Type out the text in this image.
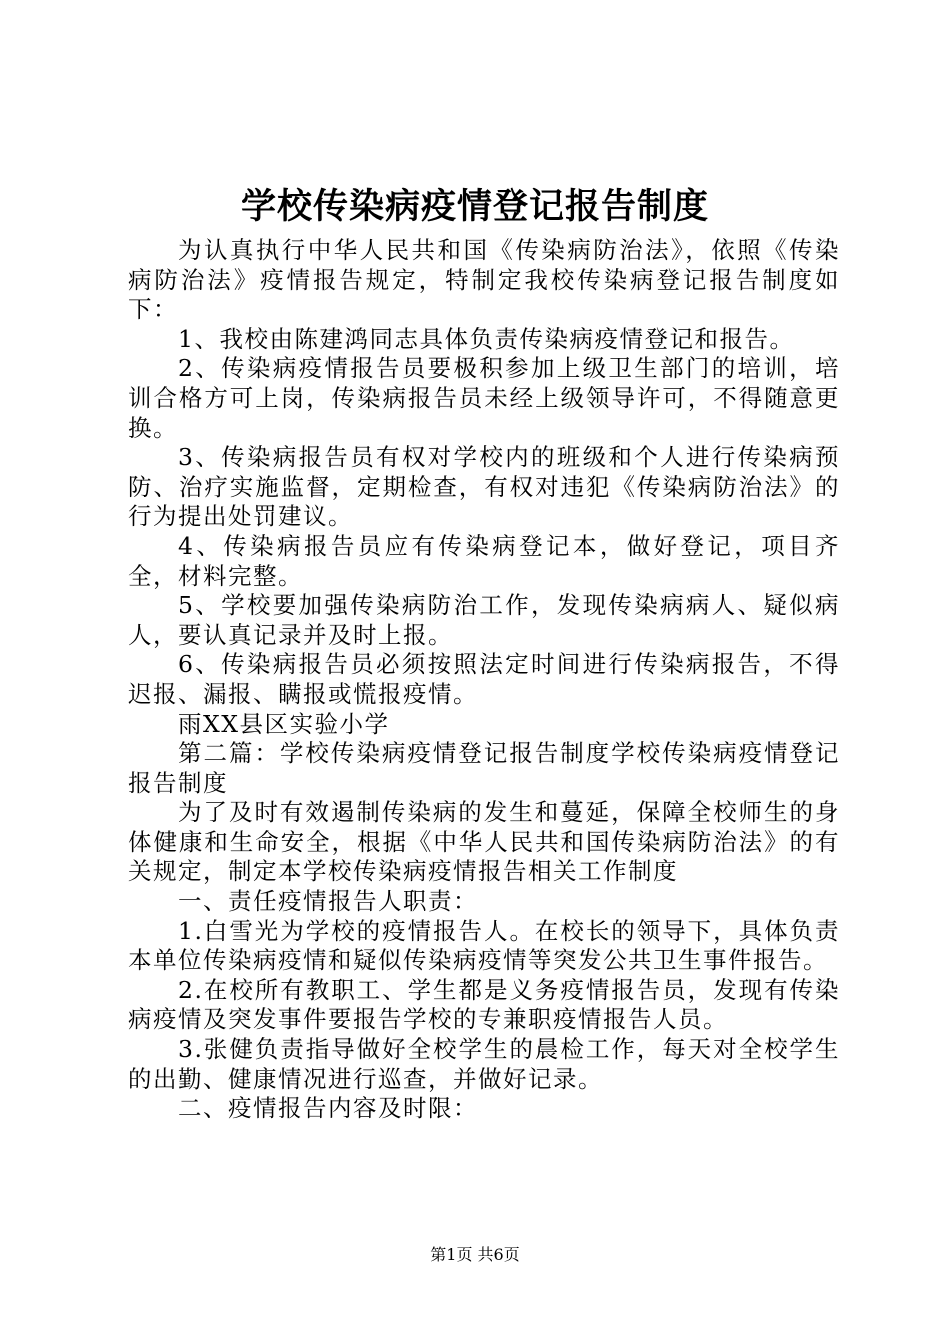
学校传染病疫情登记报告制度

为认真执行中华人民共和国《传染病防治法》，依照《传染病防治法》疫情报告规定，特制定我校传染病登记报告制度如下：

1、我校由陈建鸿同志具体负责传染病疫情登记和报告。

2、传染病疫情报告员要极积参加上级卫生部门的培训，培训合格方可上岗，传染病报告员未经上级领导许可，不得随意更换。

3、传染病报告员有权对学校内的班级和个人进行传染病预防、治疗实施监督，定期检查，有权对违犯《传染病防治法》的行为提出处罚建议。

4、传染病报告员应有传染病登记本，做好登记，项目齐全，材料完整。

5、学校要加强传染病防治工作，发现传染病病人、疑似病人，要认真记录并及时上报。

6、传染病报告员必须按照法定时间进行传染病报告，不得迟报、漏报、瞒报或慌报疫情。

雨XX县区实验小学

第二篇：学校传染病疫情登记报告制度学校传染病疫情登记报告制度

为了及时有效遏制传染病的发生和蔓延，保障全校师生的身体健康和生命安全，根据《中华人民共和国传染病防治法》的有关规定，制定本学校传染病疫情报告相关工作制度

一、责任疫情报告人职责：

1.白雪光为学校的疫情报告人。在校长的领导下，具体负责本单位传染病疫情和疑似传染病疫情等突发公共卫生事件报告。

2.在校所有教职工、学生都是义务疫情报告员，发现有传染病疫情及突发事件要报告学校的专兼职疫情报告人员。

3.张健负责指导做好全校学生的晨检工作，每天对全校学生的出勤、健康情况进行巡查，并做好记录。

二、疫情报告内容及时限：

第1页 共6页
